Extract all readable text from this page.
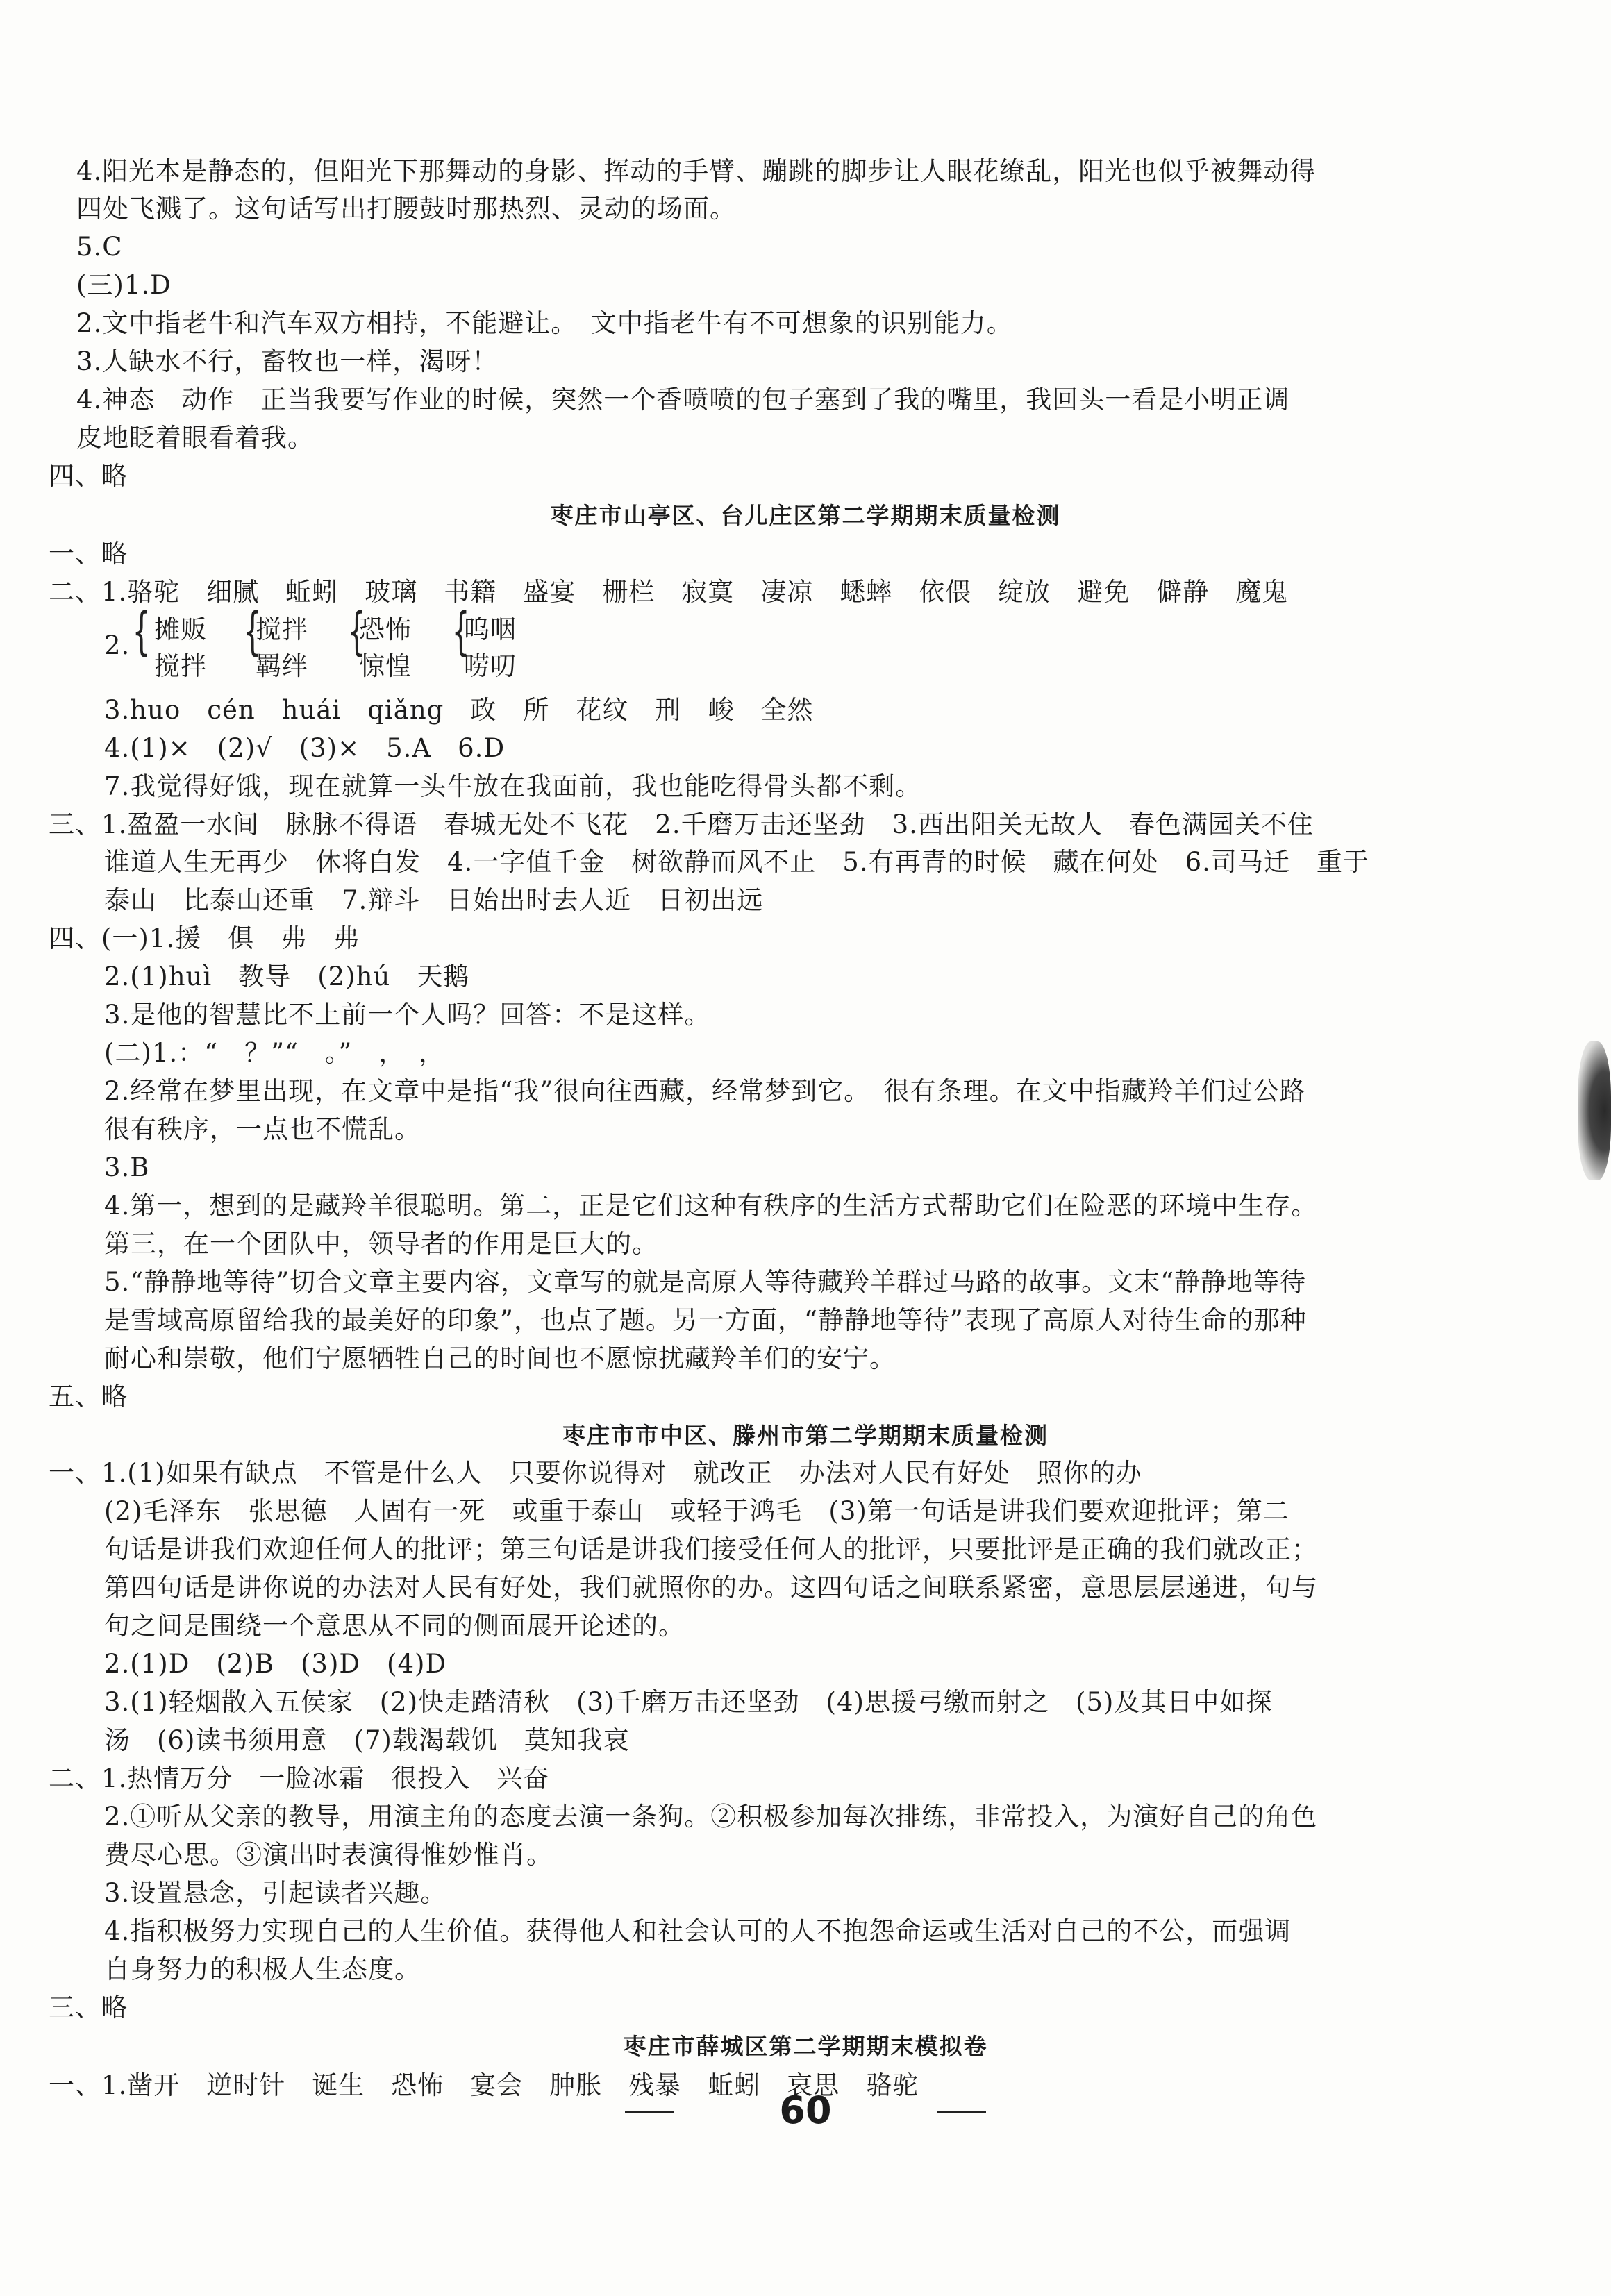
4.阳光本是静态的，但阳光下那舞动的身影、挥动的手臂、蹦跳的脚步让人眼花缭乱，阳光也似乎被舞动得
四处飞溅了。这句话写出打腰鼓时那热烈、灵动的场面。
5.C
(三)1.D
2.文中指老牛和汽车双方相持，不能避让。　文中指老牛有不可想象的识别能力。
3.人缺水不行，畜牧也一样，渴呀！
4.神态　动作　正当我要写作业的时候，突然一个香喷喷的包子塞到了我的嘴里，我回头一看是小明正调
皮地眨着眼看着我。
四、略
枣庄市山亭区、台儿庄区第二学期期末质量检测
一、略
二、1.骆驼　细腻　蚯蚓　玻璃　书籍　盛宴　栅栏　寂寞　凄凉　蟋蟀　依偎　绽放　避免　僻静　魔鬼
2. { 摊贩
搅拌
{
搅拌
羁绊
{
恐怖
惊惶
{
呜咽
唠叨
3.huo　cén　huái　qiǎng　政　所　花纹　刑　峻　全然
4.(1)×　(2)√　(3)×　5.A　6.D
7.我觉得好饿，现在就算一头牛放在我面前，我也能吃得骨头都不剩。
三、1.盈盈一水间　脉脉不得语　春城无处不飞花　2.千磨万击还坚劲　3.西出阳关无故人　春色满园关不住
谁道人生无再少　休将白发　4.一字值千金　树欲静而风不止　5.有再青的时候　藏在何处　6.司马迁　重于
泰山　比泰山还重　7.辩斗　日始出时去人近　日初出远
四、(一)1.援　俱　弗　弗
2.(1)huì　教导　(2)hú　天鹅
3.是他的智慧比不上前一个人吗？回答：不是这样。
(二)1.：“　？”“　。”　，　，
2.经常在梦里出现，在文章中是指“我”很向往西藏，经常梦到它。　很有条理。在文中指藏羚羊们过公路
很有秩序，一点也不慌乱。
3.B
4.第一，想到的是藏羚羊很聪明。第二，正是它们这种有秩序的生活方式帮助它们在险恶的环境中生存。
第三，在一个团队中，领导者的作用是巨大的。
5.“静静地等待”切合文章主要内容，文章写的就是高原人等待藏羚羊群过马路的故事。文末“静静地等待
是雪域高原留给我的最美好的印象”，也点了题。另一方面，“静静地等待”表现了高原人对待生命的那种
耐心和崇敬，他们宁愿牺牲自己的时间也不愿惊扰藏羚羊们的安宁。
五、略
枣庄市市中区、滕州市第二学期期末质量检测
一、1.(1)如果有缺点　不管是什么人　只要你说得对　就改正　办法对人民有好处　照你的办
(2)毛泽东　张思德　人固有一死　或重于泰山　或轻于鸿毛　(3)第一句话是讲我们要欢迎批评；第二
句话是讲我们欢迎任何人的批评；第三句话是讲我们接受任何人的批评，只要批评是正确的我们就改正；
第四句话是讲你说的办法对人民有好处，我们就照你的办。这四句话之间联系紧密，意思层层递进，句与
句之间是围绕一个意思从不同的侧面展开论述的。
2.(1)D　(2)B　(3)D　(4)D
3.(1)轻烟散入五侯家　(2)快走踏清秋　(3)千磨万击还坚劲　(4)思援弓缴而射之　(5)及其日中如探
汤　(6)读书须用意　(7)载渴载饥　莫知我哀
二、1.热情万分　一脸冰霜　很投入　兴奋
2.①听从父亲的教导，用演主角的态度去演一条狗。②积极参加每次排练，非常投入，为演好自己的角色
费尽心思。③演出时表演得惟妙惟肖。
3.设置悬念，引起读者兴趣。
4.指积极努力实现自己的人生价值。获得他人和社会认可的人不抱怨命运或生活对自己的不公，而强调
自身努力的积极人生态度。
三、略
枣庄市薛城区第二学期期末模拟卷
一、1.凿开　逆时针　诞生　恐怖　宴会　肿胀　残暴　蚯蚓　哀思　骆驼
60
